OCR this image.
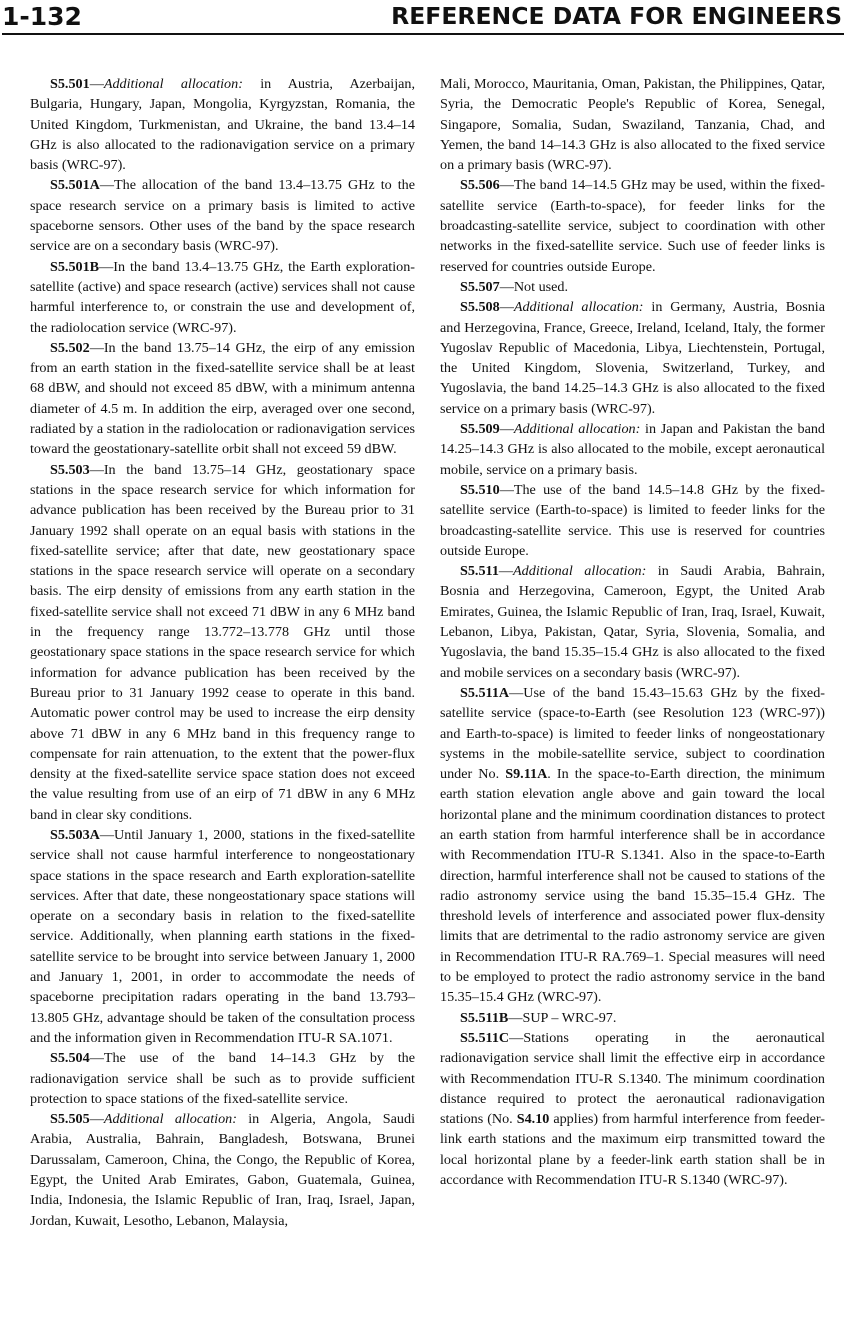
1-132	REFERENCE DATA FOR ENGINEERS

S5.501—Additional allocation: in Austria, Azerbaijan, Bulgaria, Hungary, Japan, Mongolia, Kyrgyzstan, Romania, the United Kingdom, Turkmenistan, and Ukraine, the band 13.4–14 GHz is also allocated to the radionavigation service on a primary basis (WRC-97).

S5.501A—The allocation of the band 13.4–13.75 GHz to the space research service on a primary basis is limited to active spaceborne sensors. Other uses of the band by the space research service are on a secondary basis (WRC-97).

S5.501B—In the band 13.4–13.75 GHz, the Earth exploration-satellite (active) and space research (active) services shall not cause harmful interference to, or constrain the use and development of, the radiolocation service (WRC-97).

S5.502—In the band 13.75–14 GHz, the eirp of any emission from an earth station in the fixed-satellite service shall be at least 68 dBW, and should not exceed 85 dBW, with a minimum antenna diameter of 4.5 m. In addition the eirp, averaged over one second, radiated by a station in the radiolocation or radionavigation services toward the geostationary-satellite orbit shall not exceed 59 dBW.

S5.503—In the band 13.75–14 GHz, geostationary space stations in the space research service for which information for advance publication has been received by the Bureau prior to 31 January 1992 shall operate on an equal basis with stations in the fixed-satellite service; after that date, new geostationary space stations in the space research service will operate on a secondary basis. The eirp density of emissions from any earth station in the fixed-satellite service shall not exceed 71 dBW in any 6 MHz band in the frequency range 13.772–13.778 GHz until those geostationary space stations in the space research service for which information for advance publication has been received by the Bureau prior to 31 January 1992 cease to operate in this band. Automatic power control may be used to increase the eirp density above 71 dBW in any 6 MHz band in this frequency range to compensate for rain attenuation, to the extent that the power-flux density at the fixed-satellite service space station does not exceed the value resulting from use of an eirp of 71 dBW in any 6 MHz band in clear sky conditions.

S5.503A—Until January 1, 2000, stations in the fixed-satellite service shall not cause harmful interference to nongeostationary space stations in the space research and Earth exploration-satellite services. After that date, these nongeostationary space stations will operate on a secondary basis in relation to the fixed-satellite service. Additionally, when planning earth stations in the fixed-satellite service to be brought into service between January 1, 2000 and January 1, 2001, in order to accommodate the needs of spaceborne precipitation radars operating in the band 13.793–13.805 GHz, advantage should be taken of the consultation process and the information given in Recommendation ITU-R SA.1071.

S5.504—The use of the band 14–14.3 GHz by the radionavigation service shall be such as to provide sufficient protection to space stations of the fixed-satellite service.

S5.505—Additional allocation: in Algeria, Angola, Saudi Arabia, Australia, Bahrain, Bangladesh, Botswana, Brunei Darussalam, Cameroon, China, the Congo, the Republic of Korea, Egypt, the United Arab Emirates, Gabon, Guatemala, Guinea, India, Indonesia, the Islamic Republic of Iran, Iraq, Israel, Japan, Jordan, Kuwait, Lesotho, Lebanon, Malaysia,

Mali, Morocco, Mauritania, Oman, Pakistan, the Philippines, Qatar, Syria, the Democratic People's Republic of Korea, Senegal, Singapore, Somalia, Sudan, Swaziland, Tanzania, Chad, and Yemen, the band 14–14.3 GHz is also allocated to the fixed service on a primary basis (WRC-97).

S5.506—The band 14–14.5 GHz may be used, within the fixed-satellite service (Earth-to-space), for feeder links for the broadcasting-satellite service, subject to coordination with other networks in the fixed-satellite service. Such use of feeder links is reserved for countries outside Europe.

S5.507—Not used.

S5.508—Additional allocation: in Germany, Austria, Bosnia and Herzegovina, France, Greece, Ireland, Iceland, Italy, the former Yugoslav Republic of Macedonia, Libya, Liechtenstein, Portugal, the United Kingdom, Slovenia, Switzerland, Turkey, and Yugoslavia, the band 14.25–14.3 GHz is also allocated to the fixed service on a primary basis (WRC-97).

S5.509—Additional allocation: in Japan and Pakistan the band 14.25–14.3 GHz is also allocated to the mobile, except aeronautical mobile, service on a primary basis.

S5.510—The use of the band 14.5–14.8 GHz by the fixed-satellite service (Earth-to-space) is limited to feeder links for the broadcasting-satellite service. This use is reserved for countries outside Europe.

S5.511—Additional allocation: in Saudi Arabia, Bahrain, Bosnia and Herzegovina, Cameroon, Egypt, the United Arab Emirates, Guinea, the Islamic Republic of Iran, Iraq, Israel, Kuwait, Lebanon, Libya, Pakistan, Qatar, Syria, Slovenia, Somalia, and Yugoslavia, the band 15.35–15.4 GHz is also allocated to the fixed and mobile services on a secondary basis (WRC-97).

S5.511A—Use of the band 15.43–15.63 GHz by the fixed-satellite service (space-to-Earth (see Resolution 123 (WRC-97)) and Earth-to-space) is limited to feeder links of nongeostationary systems in the mobile-satellite service, subject to coordination under No. S9.11A. In the space-to-Earth direction, the minimum earth station elevation angle above and gain toward the local horizontal plane and the minimum coordination distances to protect an earth station from harmful interference shall be in accordance with Recommendation ITU-R S.1341. Also in the space-to-Earth direction, harmful interference shall not be caused to stations of the radio astronomy service using the band 15.35–15.4 GHz. The threshold levels of interference and associated power flux-density limits that are detrimental to the radio astronomy service are given in Recommendation ITU-R RA.769–1. Special measures will need to be employed to protect the radio astronomy service in the band 15.35–15.4 GHz (WRC-97).

S5.511B—SUP – WRC-97.

S5.511C—Stations operating in the aeronautical radionavigation service shall limit the effective eirp in accordance with Recommendation ITU-R S.1340. The minimum coordination distance required to protect the aeronautical radionavigation stations (No. S4.10 applies) from harmful interference from feeder-link earth stations and the maximum eirp transmitted toward the local horizontal plane by a feeder-link earth station shall be in accordance with Recommendation ITU-R S.1340 (WRC-97).
